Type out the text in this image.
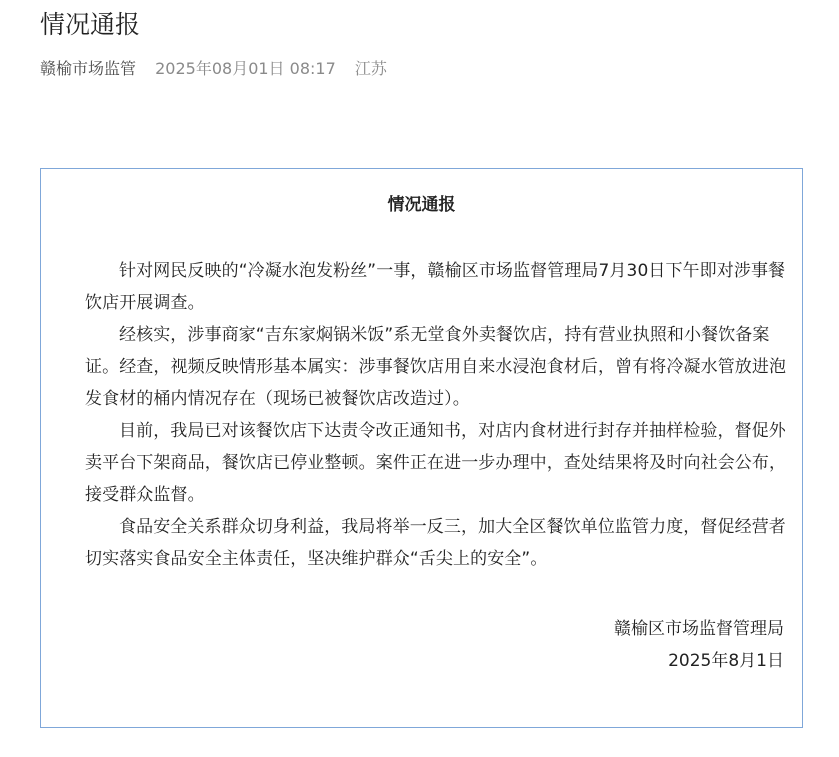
情况通报
赣榆市场监管 2025年08月01日 08:17 江苏
情况通报

针对网民反映的“冷凝水泡发粉丝”一事，赣榆区市场监督管理局7月30日下午即对涉事餐饮店开展调查。

经核实，涉事商家“吉东家焖锅米饭”系无堂食外卖餐饮店，持有营业执照和小餐饮备案证。经查，视频反映情形基本属实：涉事餐饮店用自来水浸泡食材后，曾有将冷凝水管放进泡发食材的桶内情况存在（现场已被餐饮店改造过）。

目前，我局已对该餐饮店下达责令改正通知书，对店内食材进行封存并抽样检验，督促外卖平台下架商品，餐饮店已停业整顿。案件正在进一步办理中，查处结果将及时向社会公布，接受群众监督。

食品安全关系群众切身利益，我局将举一反三，加大全区餐饮单位监管力度，督促经营者切实落实食品安全主体责任，坚决维护群众“舌尖上的安全”。

赣榆区市场监督管理局
2025年8月1日
